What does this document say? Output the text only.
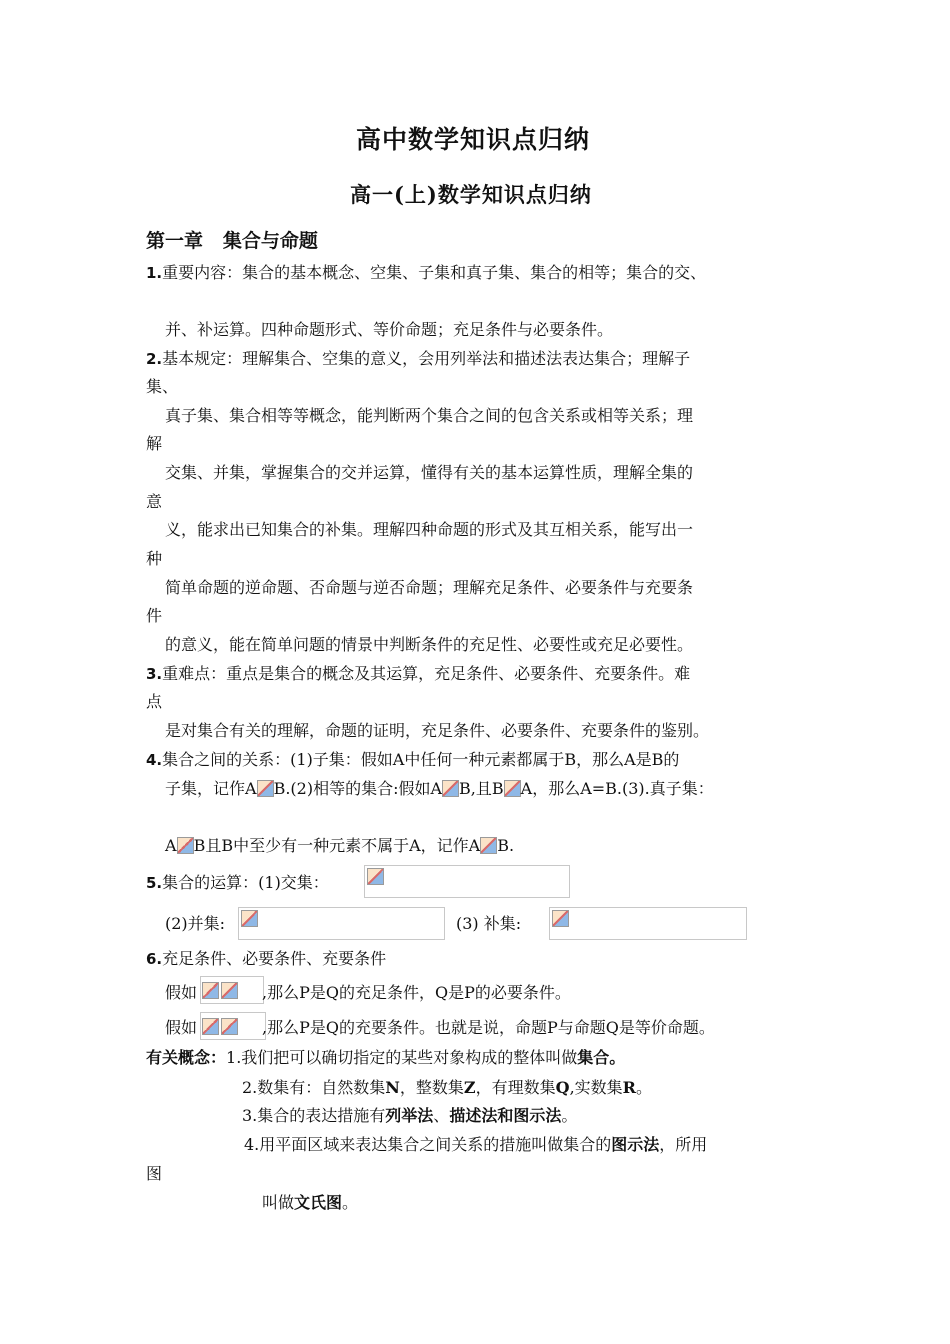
高中数学知识点归纳
高一(上)数学知识点归纳
第一章   集合与命题
1.重要内容：集合的基本概念、空集、子集和真子集、集合的相等；集合的交、
并、补运算。四种命题形式、等价命题；充足条件与必要条件。
2.基本规定：理解集合、空集的意义，会用列举法和描述法表达集合；理解子
集、
真子集、集合相等等概念，能判断两个集合之间的包含关系或相等关系；理
解
交集、并集，掌握集合的交并运算，懂得有关的基本运算性质，理解全集的
意
义，能求出已知集合的补集。理解四种命题的形式及其互相关系，能写出一
种
简单命题的逆命题、否命题与逆否命题；理解充足条件、必要条件与充要条
件
的意义，能在简单问题的情景中判断条件的充足性、必要性或充足必要性。
3.重难点：重点是集合的概念及其运算，充足条件、必要条件、充要条件。难
点
是对集合有关的理解，命题的证明，充足条件、必要条件、充要条件的鉴别。
4.集合之间的关系：(1)子集：假如A中任何一种元素都属于B，那么A是B的
子集，记作A B.(2)相等的集合:假如A B,且B A，那么A=B.(3).真子集：
A B且B中至少有一种元素不属于A，记作A B.
5.集合的运算：(1)交集：
(2)并集:	(3) 补集:
6.充足条件、必要条件、充要条件
假如	,那么P是Q的充足条件，Q是P的必要条件。
假如	,那么P是Q的充要条件。也就是说，命题P与命题Q是等价命题。
有关概念：1.我们把可以确切指定的某些对象构成的整体叫做集合。
2.数集有：自然数集N，整数集Z，有理数集Q,实数集R。
3.集合的表达措施有列举法、描述法和图示法。
4.用平面区域来表达集合之间关系的措施叫做集合的图示法，所用
图
叫做文氏图。
